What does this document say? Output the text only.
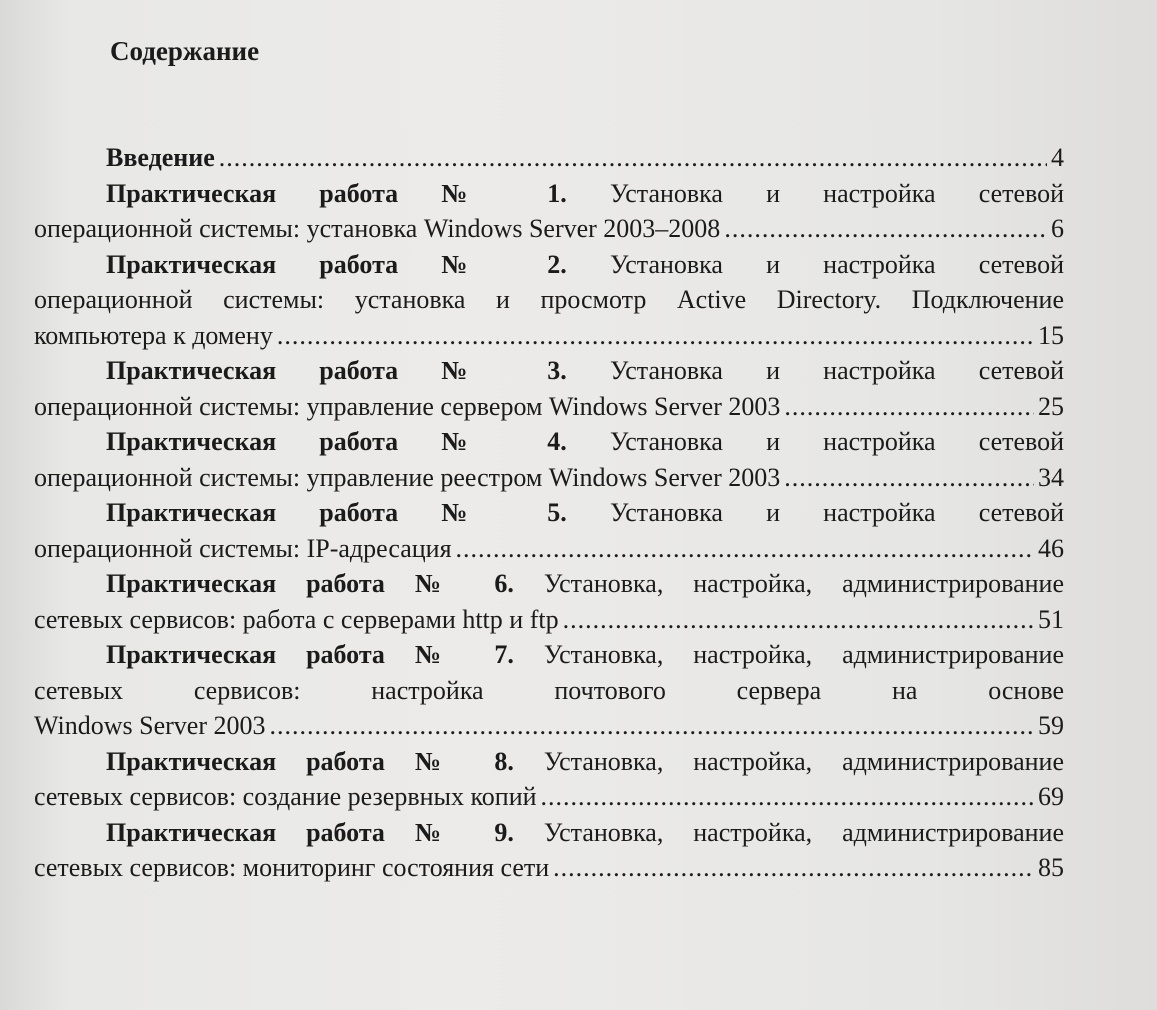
Содержание
Введение .....	4
Практическая работа № 1. Установка и настройка сетевой
операционной системы: установка Windows Server 2003–2008 .....	6
Практическая работа № 2. Установка и настройка сетевой
операционной системы: установка и просмотр Active Directory. Подключение
компьютера к домену .....	15
Практическая работа № 3. Установка и настройка сетевой
операционной системы: управление сервером Windows Server 2003 .....	25
Практическая работа № 4. Установка и настройка сетевой
операционной системы: управление реестром Windows Server 2003 .....	34
Практическая работа № 5. Установка и настройка сетевой
операционной системы: IP-адресация .....	46
Практическая работа № 6. Установка, настройка, администрирование
сетевых сервисов: работа с серверами http и ftp .....	51
Практическая работа № 7. Установка, настройка, администрирование
сетевых сервисов: настройка почтового сервера на основе
Windows Server 2003 .....	59
Практическая работа № 8. Установка, настройка, администрирование
сетевых сервисов: создание резервных копий .....	69
Практическая работа № 9. Установка, настройка, администрирование
сетевых сервисов: мониторинг состояния сети .....	85
